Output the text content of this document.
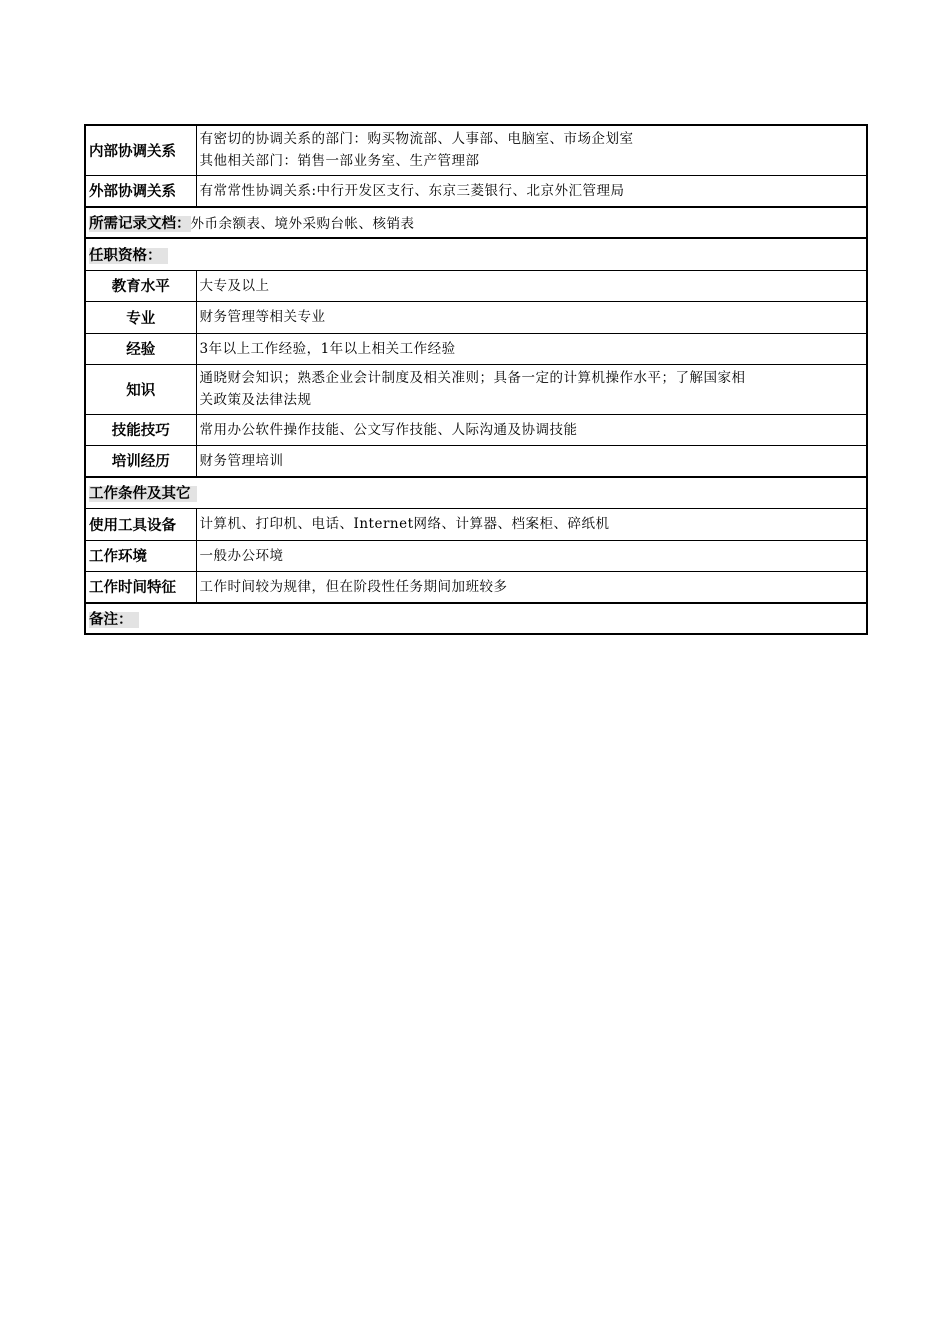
内部协调关系	有密切的协调关系的部门：购买物流部、人事部、电脑室、市场企划室
其他相关部门：销售一部业务室、生产管理部

外部协调关系	有常常性协调关系:中行开发区支行、东京三菱银行、北京外汇管理局
所需记录文档：外币余额表、境外采购台帐、核销表	
任职资格：	
教育水平	大专及以上
专业	财务管理等相关专业
经验	3年以上工作经验，1年以上相关工作经验
知识	通晓财会知识；熟悉企业会计制度及相关准则；具备一定的计算机操作水平；了解国家相
关政策及法律法规

技能技巧	常用办公软件操作技能、公文写作技能、人际沟通及协调技能
培训经历	财务管理培训
工作条件及其它	
使用工具设备	计算机、打印机、电话、Internet网络、计算器、档案柜、碎纸机
工作环境	一般办公环境
工作时间特征	工作时间较为规律，但在阶段性任务期间加班较多
备注：	
